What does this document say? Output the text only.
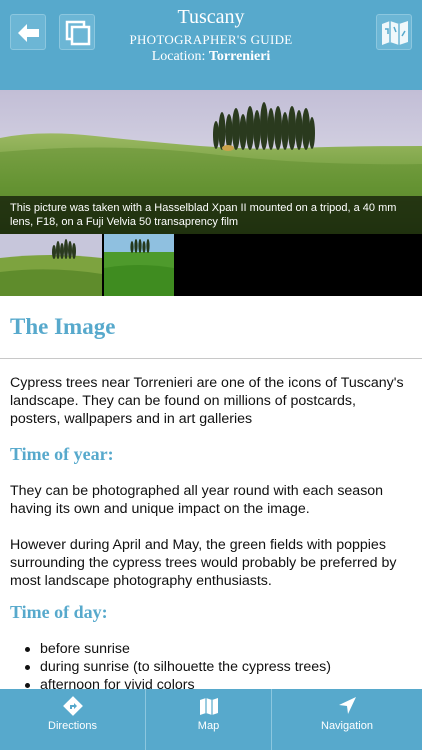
Tuscany
PHOTOGRAPHER'S GUIDE
Location: Torrenieri
This picture was taken with a Hasselblad Xpan II mounted on a tripod, a 40 mm lens, F18, on a Fuji Velvia 50 transaprency film
The Image

Cypress trees near Torrenieri are one of the icons of Tuscany's landscape. They can be found on millions of postcards, posters, wallpapers and in art galleries

Time of year:

They can be photographed all year round with each season having its own and unique impact on the image.

However during April and May, the green fields with poppies surrounding the cypress trees would probably be preferred by most landscape photography enthusiasts.

Time of day:
before sunrise
during sunrise (to silhouette the cypress trees)
afternoon for vivid colors
Directions	Map	Navigation
